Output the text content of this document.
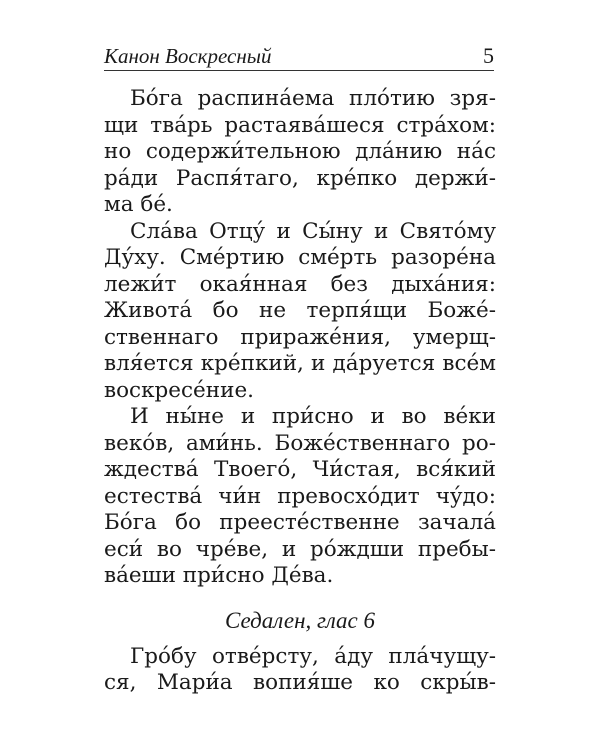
Канон Воскресный	5
Бо́га распина́ема пло́тию зря-
щи тва́рь растаява́шеся стра́хом:
но содержи́тельною дла́нию на́с
ра́ди Распя́таго, кре́пко держи́-
ма бе́.
Сла́ва Отцу́ и Сы́ну и Свято́му
Ду́ху. Сме́ртию сме́рть разоре́на
лежи́т окая́нная без дыха́ния:
Живота́ бо не терпя́щи Боже́-
ственнаго прираже́ния, умерщ-
вля́ется кре́пкий, и да́руется все́м
воскресе́ние.
И ны́не и при́сно и во ве́ки
веко́в, ами́нь. Боже́ственнаго ро-
ждества́ Твоего́, Чи́стая, вся́кий
естества́ чи́н превосхо́дит чу́до:
Бо́га бо преесте́ственне зачала́
еси́ во чре́ве, и ро́ждши пребы-
ва́еши при́сно Де́ва.
Седален, глас 6
Гро́бу отве́рсту, а́ду пла́чущу-
ся, Мари́а вопия́ше ко скры́в-
